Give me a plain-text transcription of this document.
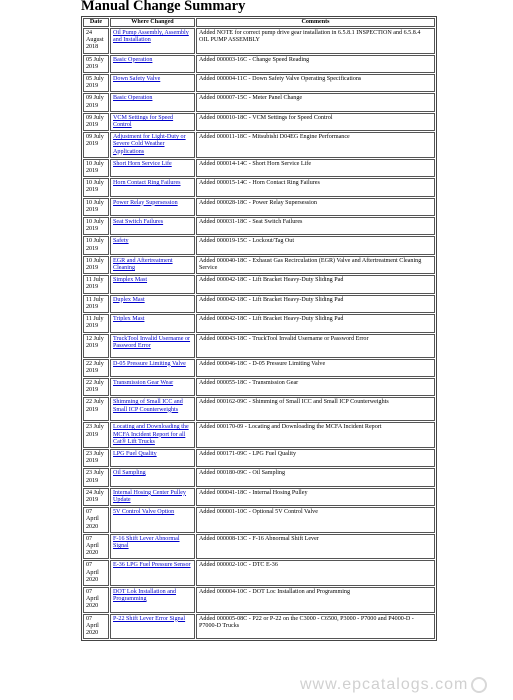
Manual Change Summary
Date	Where Changed	Comments
24 August 2018	Oil Pump Assembly, Assembly and Installation	Added NOTE for correct pump drive gear installation in 6.5.8.1 INSPECTION and 6.5.8.4 OIL PUMP ASSEMBLY
05 July 2019	Basic Operation	Added 000003-16C - Change Speed Reading
05 July 2019	Down Safety Valve	Added 000004-11C - Down Safety Valve Operating Specifications
09 July 2019	Basic Operation	Added 000007-15C - Meter Panel Change
09 July 2019	VCM Settings for Speed Control	Added 000010-18C - VCM Settings for Speed Control
09 July 2019	Adjustment for Light-Duty or Severe Cold Weather Applications	Added 000011-18C - Mitsubishi D04EG Engine Performance
10 July 2019	Short Horn Service Life	Added 000014-14C - Short Horn Service Life
10 July 2019	Horn Contact Ring Failures	Added 000015-14C - Horn Contact Ring Failures
10 July 2019	Power Relay Supersession	Added 000028-18C - Power Relay Supersession
10 July 2019	Seat Switch Failures	Added 000031-18C - Seat Switch Failures
10 July 2019	Safety	Added 000019-15C - Lockout/Tag Out
10 July 2019	EGR and Aftertreatment Cleaning	Added 000040-18C - Exhaust Gas Recirculation (EGR) Valve and Aftertreatment Cleaning Service
11 July 2019	Simplex Mast	Added 000042-18C - Lift Bracket Heavy-Duty Sliding Pad
11 July 2019	Duplex Mast	Added 000042-18C - Lift Bracket Heavy-Duty Sliding Pad
11 July 2019	Triplex Mast	Added 000042-18C - Lift Bracket Heavy-Duty Sliding Pad
12 July 2019	TruckTool Invalid Username or Password Error	Added 000043-18C - TruckTool Invalid Username or Password Error
22 July 2019	D-05 Pressure Limiting Valve	Added 000046-18C - D-05 Pressure Limiting Valve
22 July 2019	Transmission Gear Wear	Added 000055-18C - Transmission Gear
22 July 2019	Shimming of Small ICC and Small ICP Counterweights	Added 000162-09C - Shimming of Small ICC and Small ICP Counterweights
23 July 2019	Locating and Downloading the MCFA Incident Report for all Cat® Lift Trucks	Added 000170-09 - Locating and Downloading the MCFA Incident Report
23 July 2019	LPG Fuel Quality	Added 000171-09C - LPG Fuel Quality
23 July 2019	Oil Sampling	Added 000180-09C - Oil Sampling
24 July 2019	Internal Hosing Center Pulley Update	Added 000041-18C - Internal Hosing Pulley
07 April 2020	5V Control Valve Option	Added 000001-10C - Optional 5V Control Valve
07 April 2020	F-16 Shift Lever Abnormal Signal	Added 000008-13C - F-16 Abnormal Shift Lever
07 April 2020	E-36 LPG Fuel Pressure Sensor	Added 000002-10C - DTC E-36
07 April 2020	DOT Lok Installation and Programming	Added 000004-10C - DOT Loc Installation and Programming
07 April 2020	P-22 Shift Lever Error Signal	Added 000005-08C - P22 or P-22 on the C3000 - C6500, P3000 - P7000 and P4000-D - P7000-D Trucks
www.epcatalogs.com
